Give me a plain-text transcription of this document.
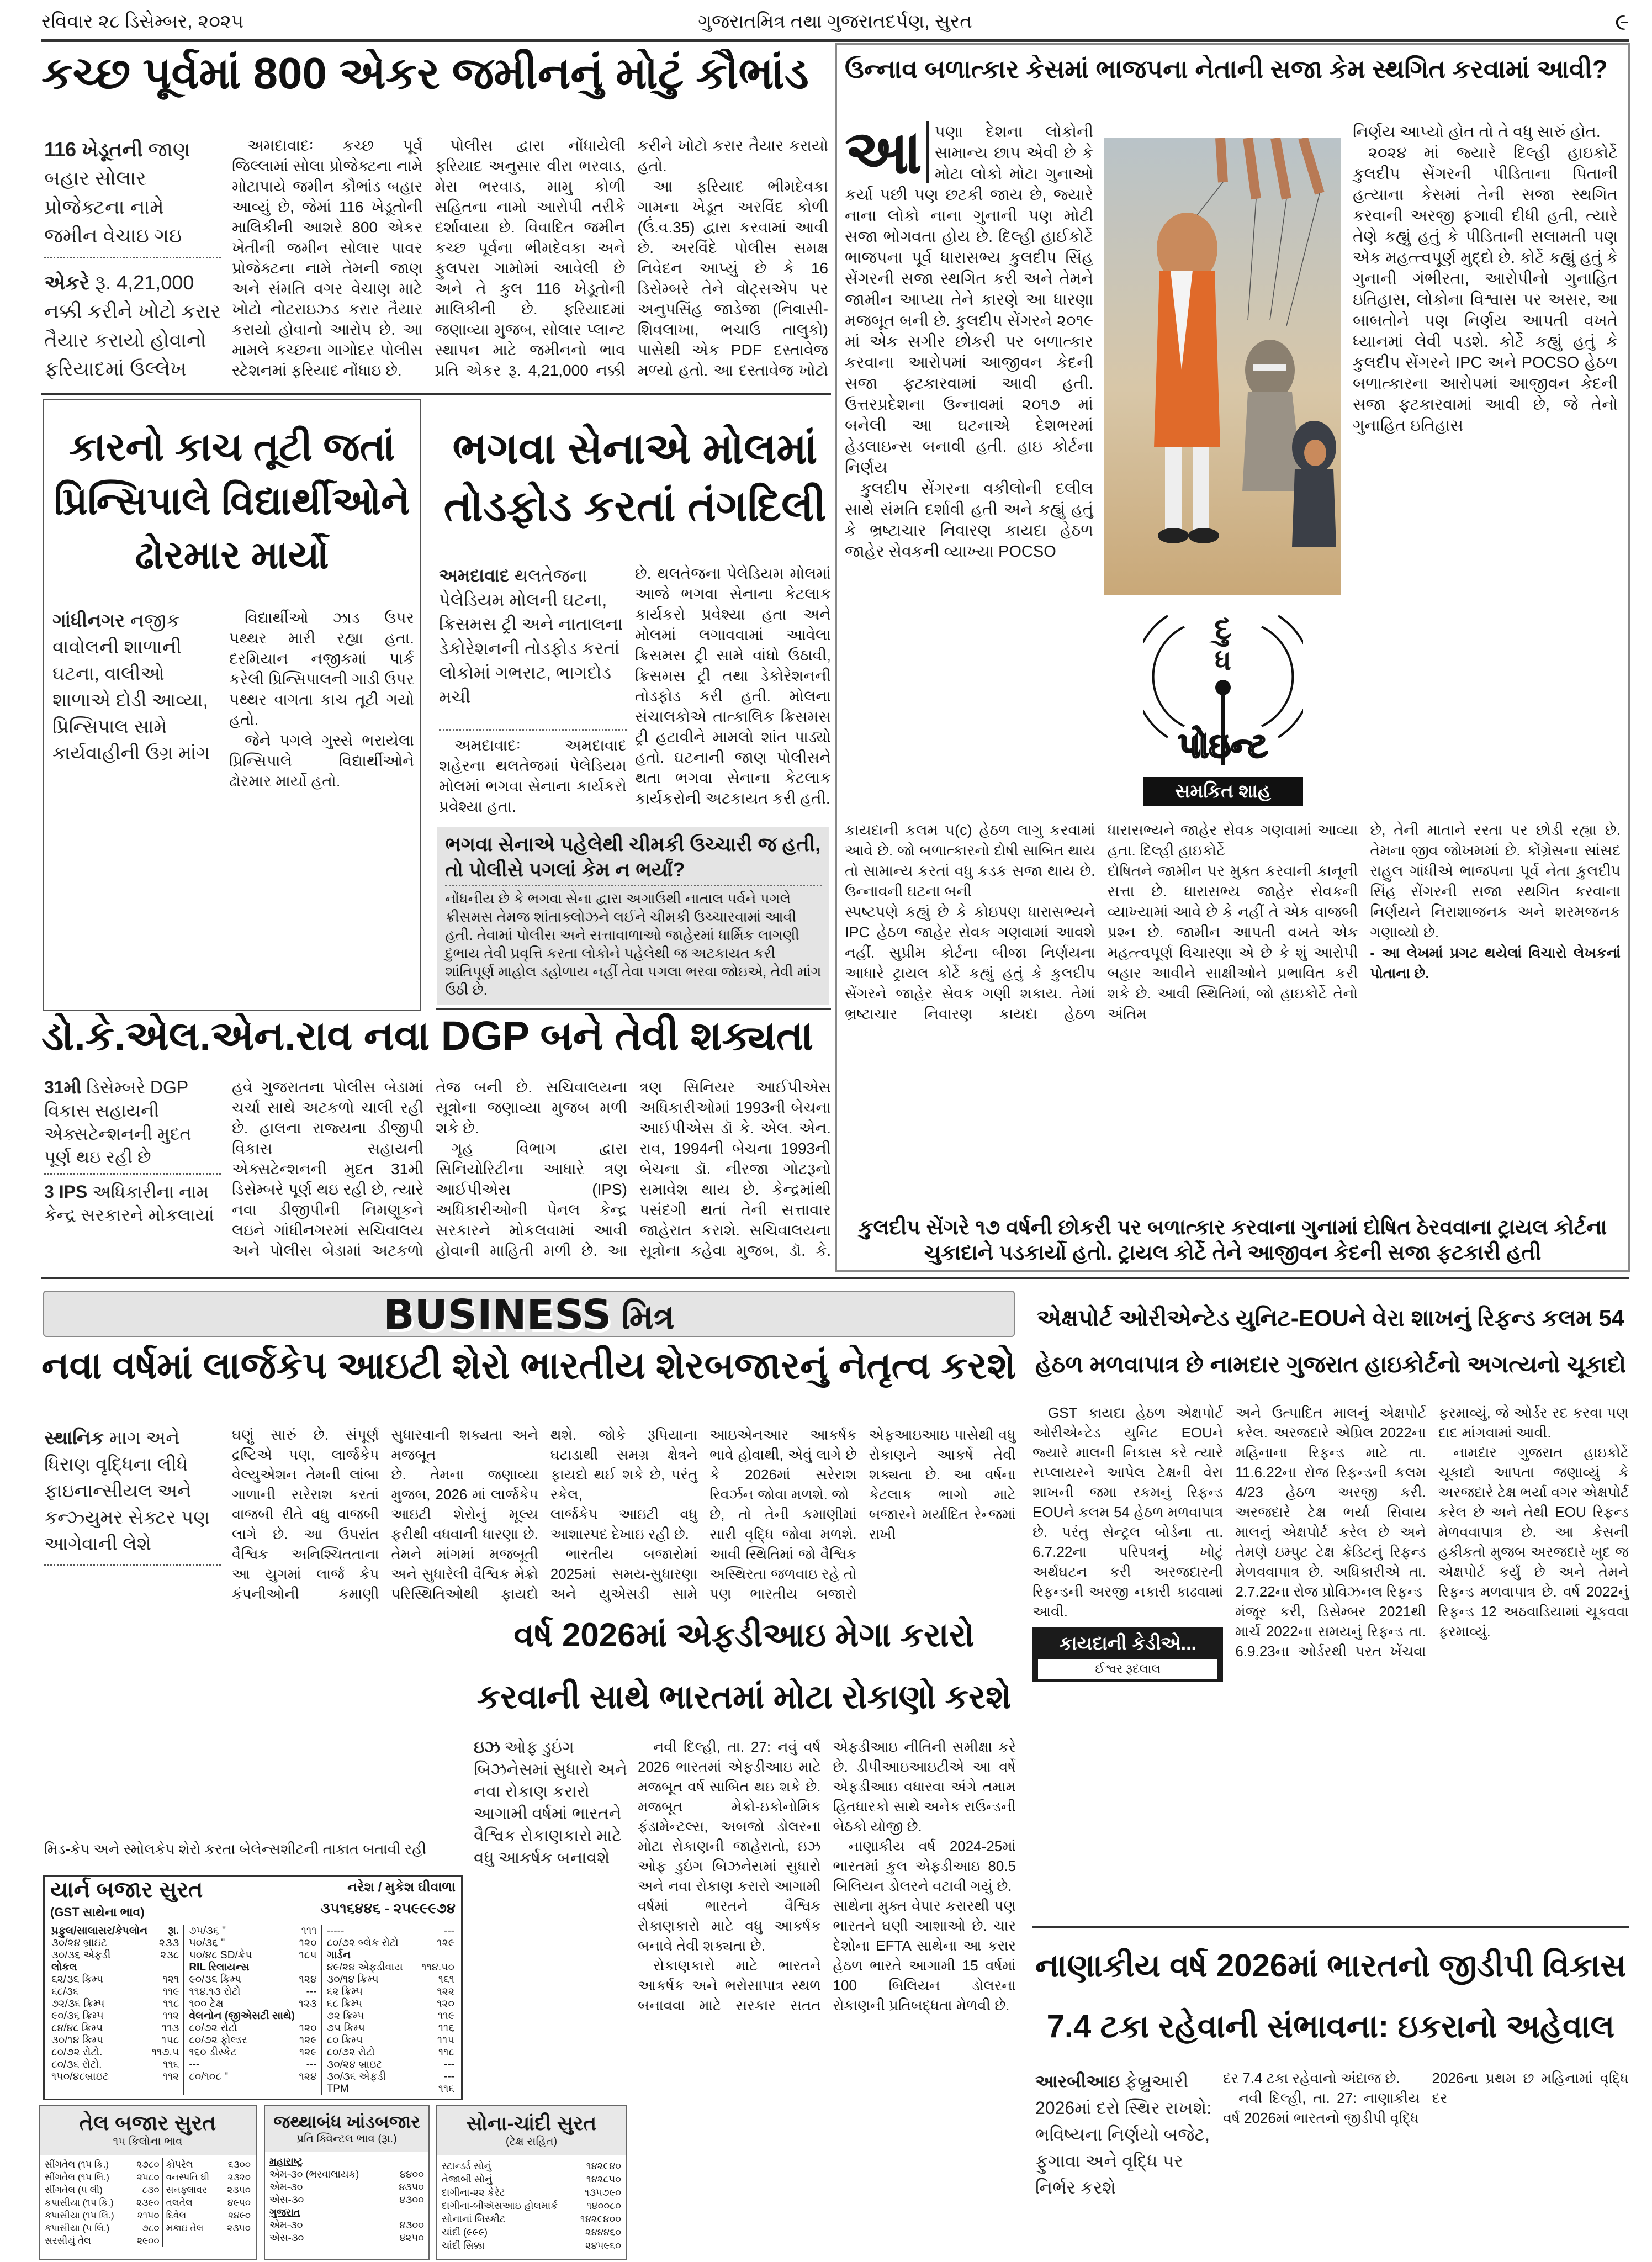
રવિવાર ૨૮ ડિસેમ્બર, ૨૦૨૫	ગુજરાતમિત્ર તથા ગુજરાતદર્પણ, સુરત	૯
કચ્છ પૂર્વમાં 800 એકર જમીનનું મોટું કૌભાંડ
116 ખેડૂતની જાણ બહાર સોલાર પ્રોજેક્ટના નામે જમીન વેચાઇ ગઇ
એકરે રૂ. 4,21,000 નક્કી કરીને ખોટો કરાર તૈયાર કરાયો હોવાનો ફરિયાદમાં ઉલ્લેખ

અમદાવાદઃ કચ્છ પૂર્વ જિલ્લામાં સોલા પ્રોજેક્ટના નામે મોટાપાયે જમીન કૌભાંડ બહાર આવ્યું છે, જેમાં 116 ખેડૂતોની માલિકીની આશરે 800 એકર ખેતીની જમીન સોલાર પાવર પ્રોજેક્ટના નામે તેમની જાણ અને સંમતિ વગર વેચાણ માટે ખોટો નોટરાઇઝ્ડ કરાર તૈયાર કરાયો હોવાનો આરોપ છે. આ મામલે કચ્છના ગાગોદર પોલીસ સ્ટેશનમાં ફરિયાદ નોંધાઇ છે.

પોલીસ દ્વારા નોંધાયેલી ફરિયાદ અનુસાર વીરા ભરવાડ, મેરા ભરવાડ, મામુ કોળી સહિતના નામો આરોપી તરીકે દર્શાવાયા છે. વિવાદિત જમીન કચ્છ પૂર્વના ભીમદેવકા અને ફુલપરા ગામોમાં આવેલી છે અને તે કુલ 116 ખેડૂતોની માલિકીની છે. ફરિયાદમાં જણાવ્યા મુજબ, સોલાર પ્લાન્ટ સ્થાપન માટે જમીનનો ભાવ પ્રતિ એકર રૂ. 4,21,000 નક્કી કરીને ખોટો કરાર તૈયાર કરાયો હતો.

આ ફરિયાદ ભીમદેવકા ગામના ખેડૂત અરવિંદ કોળી (ઉં.વ.35) દ્વારા કરવામાં આવી છે. અરવિંદે પોલીસ સમક્ષ નિવેદન આપ્યું છે કે 16 ડિસેમ્બરે તેને વોટ્સએપ પર અનુપસિંહ જાડેજા (નિવાસી-શિવલાખા, ભચાઉ તાલુકો) પાસેથી એક PDF દસ્તાવેજ મળ્યો હતો. આ દસ્તાવેજ ખોટો

કારનો કાચ તૂટી જતાં પ્રિન્સિપાલે વિદ્યાર્થીઓને ઢોરમાર માર્યો
ગાંધીનગર નજીક વાવોલની શાળાની ઘટના, વાલીઓ શાળાએ દોડી આવ્યા, પ્રિન્સિપાલ સામે કાર્યવાહીની ઉગ્ર માંગ

વિદ્યાર્થીઓ ઝાડ ઉપર પથ્થર મારી રહ્યા હતા. દરમિયાન નજીકમાં પાર્ક કરેલી પ્રિન્સિપાલની ગાડી ઉપર પથ્થર વાગતા કાચ તૂટી ગયો હતો.

જેને પગલે ગુસ્સે ભરાયેલા પ્રિન્સિપાલે વિદ્યાર્થીઓને ઢોરમાર માર્યો હતો.

ભગવા સેનાએ મોલમાં તોડફોડ કરતાં તંગદિલી
અમદાવાદ થલતેજના પેલેડિયમ મોલની ઘટના, ક્રિસમસ ટ્રી અને નાતાલના ડેકોરેશનની તોડફોડ કરતાં લોકોમાં ગભરાટ, ભાગદોડ મચી

અમદાવાદઃ અમદાવાદ શહેરના થલતેજમાં પેલેડિયમ મોલમાં ભગવા સેનાના કાર્યકરો પ્રવેશ્યા હતા.

છે. થલતેજના પેલેડિયમ મોલમાં આજે ભગવા સેનાના કેટલાક કાર્યકરો પ્રવેશ્યા હતા અને મોલમાં લગાવવામાં આવેલા ક્રિસમસ ટ્રી સામે વાંધો ઉઠાવી, ક્રિસમસ ટ્રી તથા ડેકોરેશનની તોડફોડ કરી હતી. મોલના સંચાલકોએ તાત્કાલિક ક્રિસમસ ટ્રી હટાવીને મામલો શાંત પાડ્યો હતો. ઘટનાની જાણ પોલીસને થતા ભગવા સેનાના કેટલાક કાર્યકરોની અટકાયત કરી હતી.

ભગવા સેનાએ પહેલેથી ચીમકી ઉચ્ચારી જ હતી, તો પોલીસે પગલાં કેમ ન ભર્યાં?
નોંધનીય છે કે ભગવા સેના દ્વારા અગાઉથી નાતાલ પર્વને પગલે ક્રીસમસ તેમજ શાંતાક્લોઝને લઈને ચીમકી ઉચ્ચારવામાં આવી હતી. તેવામાં પોલીસ અને સત્તાવાળાઓ જાહેરમાં ધાર્મિક લાગણી દુભાય તેવી પ્રવૃત્તિ કરતા લોકોને પહેલેથી જ અટકાયત કરી શાંતિપૂર્ણ માહોલ ડહોળાય નહીં તેવા પગલા ભરવા જોઇએ, તેવી માંગ ઉઠી છે.
ડો.કે.એલ.એન.રાવ નવા DGP બને તેવી શક્યતા
31મી ડિસેમ્બરે DGP વિકાસ સહાયની એક્સટેન્શનની મુદત પૂર્ણ થઇ રહી છે
3 IPS અધિકારીના નામ કેન્દ્ર સરકારને મોકલાયાં

હવે ગુજરાતના પોલીસ બેડામાં ચર્ચા સાથે અટકળો ચાલી રહી છે. હાલના રાજ્યના ડીજીપી વિકાસ સહાયની એક્સટેન્શનની મુદત 31મી ડિસેમ્બરે પૂર્ણ થઇ રહી છે, ત્યારે નવા ડીજીપીની નિમણૂકને લઇને ગાંધીનગરમાં સચિવાલય અને પોલીસ બેડામાં અટકળો તેજ બની છે. સચિવાલયના સૂત્રોના જણાવ્યા મુજબ મળી શકે છે.

ગૃહ વિભાગ દ્વારા સિનિયોરિટીના આધારે ત્રણ આઈપીએસ (IPS) અધિકારીઓની પેનલ કેન્દ્ર સરકારને મોકલવામાં આવી હોવાની માહિતી મળી છે. આ ત્રણ સિનિયર આઈપીએસ અધિકારીઓમાં 1993ની બેચના આઈપીએસ ડૉ કે. એલ. એન. રાવ, 1994ની બેચના 1993ની બેચના ડૉ. નીરજા ગોટરૂનો સમાવેશ થાય છે. કેન્દ્રમાંથી પસંદગી થતાં તેની સત્તાવાર જાહેરાત કરાશે. સચિવાલયના સૂત્રોના કહેવા મુજબ, ડૉ. કે.

ઉન્નાવ બળાત્કાર કેસમાં ભાજપના નેતાની સજા કેમ સ્થગિત કરવામાં આવી?
આ પણા દેશના લોકોની સામાન્ય છાપ એવી છે કે મોટા લોકો મોટા ગુનાઓ કર્યા પછી પણ છટકી જાય છે, જ્યારે નાના લોકો નાના ગુનાની પણ મોટી સજા ભોગવતા હોય છે. દિલ્હી હાઈકોર્ટે ભાજપના પૂર્વ ધારાસભ્ય કુલદીપ સિંહ સેંગરની સજા સ્થગિત કરી અને તેમને જામીન આપ્યા તેને કારણે આ ધારણા મજબૂત બની છે. કુલદીપ સેંગરને ૨૦૧૯ માં એક સગીર છોકરી પર બળાત્કાર કરવાના આરોપમાં આજીવન કેદની સજા ફટકારવામાં આવી હતી. ઉત્તરપ્રદેશના ઉન્નાવમાં ૨૦૧૭ માં બનેલી આ ઘટનાએ દેશભરમાં હેડલાઇન્સ બનાવી હતી. હાઇ કોર્ટના નિર્ણય

કુલદીપ સેંગરના વકીલોની દલીલ સાથે સંમતિ દર્શાવી હતી અને કહ્યું હતું કે ભ્રષ્ટાચાર નિવારણ કાયદા હેઠળ જાહેર સેવકની વ્યાખ્યા POCSO

દુ
ધ
પોઇન્ટ
સમકિત શાહ

નિર્ણય આપ્યો હોત તો તે વધુ સારું હોત.

૨૦૨૪ માં જ્યારે દિલ્હી હાઇકોર્ટે કુલદીપ સેંગરની પીડિતાના પિતાની હત્યાના કેસમાં તેની સજા સ્થગિત કરવાની અરજી ફગાવી દીધી હતી, ત્યારે તેણે કહ્યું હતું કે પીડિતાની સલામતી પણ એક મહત્ત્વપૂર્ણ મુદ્દો છે. કોર્ટે કહ્યું હતું કે ગુનાની ગંભીરતા, આરોપીનો ગુનાહિત ઇતિહાસ, લોકોના વિશ્વાસ પર અસર, આ બાબતોને પણ નિર્ણય આપતી વખતે ધ્યાનમાં લેવી પડશે. કોર્ટે કહ્યું હતું કે કુલદીપ સેંગરને IPC અને POCSO હેઠળ બળાત્કારના આરોપમાં આજીવન કેદની સજા ફટકારવામાં આવી છે, જે તેનો ગુનાહિત ઇતિહાસ

કાયદાની કલમ ૫(c) હેઠળ લાગુ કરવામાં આવે છે. જો બળાત્કારનો દોષી સાબિત થાય તો સામાન્ય કરતાં વધુ કડક સજા થાય છે. ઉન્નાવની ઘટના બની

સ્પષ્ટપણે કહ્યું છે કે કોઇપણ ધારાસભ્યને IPC હેઠળ જાહેર સેવક ગણવામાં આવશે નહીં. સુપ્રીમ કોર્ટના બીજા નિર્ણયના આધારે ટ્રાયલ કોર્ટે કહ્યું હતું કે કુલદીપ સેંગરને જાહેર સેવક ગણી શકાય. તેમાં ભ્રષ્ટાચાર નિવારણ કાયદા હેઠળ ધારાસભ્યને જાહેર સેવક ગણવામાં આવ્યા હતા. દિલ્હી હાઇકોર્ટે

દોષિતને જામીન પર મુક્ત કરવાની કાનૂની સત્તા છે. ધારાસભ્ય જાહેર સેવકની વ્યાખ્યામાં આવે છે કે નહીં તે એક વાજબી પ્રશ્ન છે. જામીન આપતી વખતે એક મહત્ત્વપૂર્ણ વિચારણા એ છે કે શું આરોપી બહાર આવીને સાક્ષીઓને પ્રભાવિત કરી શકે છે. આવી સ્થિતિમાં, જો હાઇકોર્ટે તેનો અંતિમ

છે, તેની માતાને રસ્તા પર છોડી રહ્યા છે. તેમના જીવ જોખમમાં છે. કોંગ્રેસના સાંસદ રાહુલ ગાંધીએ ભાજપના પૂર્વ નેતા કુલદીપ સિંહ સેંગરની સજા સ્થગિત કરવાના નિર્ણયને નિરાશાજનક અને શરમજનક ગણાવ્યો છે.

- આ લેખમાં પ્રગટ થયેલાં વિચારો લેખકનાં પોતાના છે.

કુલદીપ સેંગરે ૧૭ વર્ષની છોકરી પર બળાત્કાર કરવાના ગુનામાં દોષિત ઠેરવવાના ટ્રાયલ કોર્ટના ચુકાદાને પડકાર્યો હતો. ટ્રાયલ કોર્ટે તેને આજીવન કેદની સજા ફટકારી હતી
BUSINESS મિત્ર
નવા વર્ષમાં લાર્જકેપ આઇટી શેરો ભારતીય શેરબજારનું નેતૃત્વ કરશે
સ્થાનિક માગ અને ધિરાણ વૃદ્ધિના લીધે ફાઇનાન્સીયલ અને કન્ઝ્યુમર સેક્ટર પણ આગેવાની લેશે

ઘણું સારું છે. સંપૂર્ણ દ્રષ્ટિએ પણ, લાર્જકેપ વેલ્યુએશન તેમની લાંબા ગાળાની સરેરાશ કરતાં વાજબી રીતે વધુ વાજબી લાગે છે. આ ઉપરાંત વૈશ્વિક અનિશ્ચિતતાના આ યુગમાં લાર્જ કેપ કંપનીઓની કમાણી સુધારવાની શક્યતા અને મજબૂત

છે. તેમના જણાવ્યા મુજબ, 2026 માં લાર્જકેપ આઇટી શેરોનું મૂલ્ય ફરીથી વધવાની ધારણા છે. તેમને માંગમાં મજબૂતી અને સુધારેલી વૈશ્વિક મેક્રો પરિસ્થિતિઓથી ફાયદો થશે. જોકે રૂપિયાના ઘટાડાથી સમગ્ર ક્ષેત્રને ફાયદો થઈ શકે છે, પરંતુ સ્કેલ,

લાર્જકેપ આઇટી વધુ આશાસ્પદ દેખાઇ રહી છે.

ભારતીય બજારોમાં 2025માં સમય-સુધારણા અને યુએસડી સામે આઇએનઆર આકર્ષક ભાવે હોવાથી, એવું લાગે છે કે 2026માં સરેરાશ રિવર્ઝન જોવા મળશે. જો

છે, તો તેની કમાણીમાં સારી વૃદ્ધિ જોવા મળશે. આવી સ્થિતિમાં જો વૈશ્વિક અસ્થિરતા જળવાઇ રહે તો પણ ભારતીય બજારો એફઆઇઆઇ પાસેથી વધુ રોકાણને આકર્ષે તેવી શક્યતા છે. આ વર્ષના કેટલાક ભાગો માટે બજારને મર્યાદિત રેન્જમાં રાખી

મિડ-કેપ અને સ્મોલકેપ શેરો કરતા બેલેન્સશીટની તાકાત બતાવી રહી

યાર્ન બજાર સુરત
(GST સાથેના ભાવ)
નરેશ / મુકેશ ઘીવાળા
૩૫૧૬૪૪૬ - ૨૫૯૯૯૭૪
પ્રફુલ/સાલાસર/કેપલોન રૂા.
૩૦/૨૪ બ્રાઇટ	૨૩૩
૩૦/૩૬ એફડી	૨૩૮
લોકલ
૬૨/૩૬ ક્રિમ્પ	૧૨૧
૬૮/૩૬	૧૧૯
૭૨/૩૬ ક્રિમ્પ	૧૧૮
૯૦/૩૬ ક્રિમ્પ	૧૧૨
૮૪/૪૮ ક્રિમ્પ	૧૧૩
૩૦/૧૪ ક્રિમ્પ	૧૫૮
૮૦/૭૨ રોટો.	૧૧૭.૫
૮૦/૩૬ રોટો.	૧૧૬
૧૫૦/૪૮બ્રાઇટ	૧૧૨
૭૫/૩૬ ''	૧૧૧
૫૦/૩૬ ''	૧૨૦
૫૦/૪૮ SD/ક્રેપ	૧૮૫
RIL રિલાયન્સ
૯૦/૩૬ ક્રિમ્પ	૧૨૪
૧૧૪.૧૩ રોટો	---
૧૦૦ ટેક્ષ	૧૨૩
વેલનોન (જીએસટી સાથે)
૮૦/૭૨ રોટો	૧૨૦
૮૦/૭૨ ફોલ્ડર	૧૨૯
૧૬૦ ડીસ્કેટ	૧૨૯
---	---
૮૦/૧૦૮ ''	૧૨૪
-----	---
૮૦/૭૨ બ્લેક રોટો	૧૨૯
ગાર્ડન
૪૯/૨૪ એફડીવાય ૧૧૪.૫૦
૩૦/૧૪ ક્રિમ્પ	૧૬૧
૬૨ ક્રિમ્પ	૧૨૨
૬૮ ક્રિમ્પ	૧૨૦
૭૨ ક્રિમ્પ	૧૧૯
૭૫ ક્રિમ્પ	૧૧૬
૮૦ ક્રિમ્પ	૧૧૫
૮૦/૭૨ રોટો	૧૧૮
૩૦/૨૪ બ્રાઇટ	---
૩૦/૩૬ એફડી	---
TPM	૧૧૬
તેલ બજાર સુરત
૧૫ કિલોના ભાવ
સીંગતેલ (૧૫ કિ.)	૨૭૮૦
સીંગતેલ (૧૫ લિ.)	૨૫૮૦
સીંગતેલ (૫ લી)	૮૩૦
કપાસીયા (૧૫ કિ.) ૨૩૯૦
કપાસીયા (૧૫ લિ.) ૨૧૫૦
કપાસીયા (૫ લિ.)	૭૮૦
સરસીયું તેલ	૨૯૦૦
કોપરેલ	૬૩૦૦
વનસ્પતિ ઘી ૨૩૨૦
સનફ્લાવર ૨૩૫૦
તલતેલ	૪૯૫૦
દિવેલ	૨૪૯૦
મકાઇ તેલ	૨૩૫૦
જથ્થાબંધ ખાંડબજાર
પ્રતિ ક્વિન્ટલ ભાવ (રૂા.)
મહારાષ્ટ્ર
એમ-૩૦ (ભરવાલાયક)	૪૪૦૦
એમ-૩૦	૪૩૫૦
એસ-૩૦	૪૩૦૦
ગુજરાત
એમ-૩૦	૪૩૦૦
એસ-૩૦	૪૨૫૦
સોના-ચાંદી સુરત
(ટેક્ષ સહિત)
સ્ટાન્ડર્ડ સોનું	૧૪૨૯૪૦
તેજાબી સોનું	૧૪૨૮૫૦
દાગીના-૨૨ કેરેટ	૧૩૫૭૯૦
દાગીના-બીઍસઆઇ હોલમાર્ક	૧૪૦૦૮૦
સોનાનાં બિસ્કીટ	૧૪૨૯૪૦૦
ચાંદી (૯૯૯)	૨૪૪૪૬૦
ચાંદી સિક્કા	૨૪૫૯૬૦
વર્ષ 2026માં એફડીઆઇ મેગા કરારો કરવાની સાથે ભારતમાં મોટા રોકાણો કરશે
ઇઝ ઓફ ડુઇંગ બિઝનેસમાં સુધારો અને નવા રોકાણ કરારો આગામી વર્ષમાં ભારતને વૈશ્વિક રોકાણકારો માટે વધુ આકર્ષક બનાવશે

નવી દિલ્હી, તા. 27: નવું વર્ષ 2026 ભારતમાં એફડીઆઇ માટે મજબૂત વર્ષ સાબિત થઇ શકે છે. મજબૂત મેક્રો-ઇકોનોમિક ફંડામેન્ટલ્સ, અબજો ડોલરના મોટા રોકાણની જાહેરાતો, ઇઝ ઓફ ડુઇંગ બિઝનેસમાં સુધારો અને નવા રોકાણ કરારો આગામી વર્ષમાં ભારતને વૈશ્વિક રોકાણકારો માટે વધુ આકર્ષક બનાવે તેવી શક્યતા છે.

રોકાણકારો માટે ભારતને આકર્ષક અને ભરોસાપાત્ર સ્થળ બનાવવા માટે સરકાર સતત એફડીઆઇ નીતિની સમીક્ષા કરે છે. ડીપીઆઇઆઇટીએ આ વર્ષે એફડીઆઇ વધારવા અંગે તમામ હિતધારકો સાથે અનેક રાઉન્ડની બેઠકો યોજી છે.

નાણાકીય વર્ષ 2024-25માં ભારતમાં કુલ એફડીઆઇ 80.5 બિલિયન ડોલરને વટાવી ગયું છે.

સાથેના મુક્ત વેપાર કરારથી પણ ભારતને ઘણી આશાઓ છે. ચાર દેશોના EFTA સાથેના આ કરાર હેઠળ ભારતે આગામી 15 વર્ષમાં 100 બિલિયન ડોલરના રોકાણની પ્રતિબદ્ધતા મેળવી છે.

એક્ષપોર્ટ ઓરીએન્ટેડ યુનિટ-EOUને વેરા શાખનું રિફન્ડ કલમ 54 હેઠળ મળવાપાત્ર છે નામદાર ગુજરાત હાઇકોર્ટનો અગત્યનો ચૂકાદો

GST કાયદા હેઠળ એક્ષપોર્ટ ઓરીએન્ટેડ યુનિટ EOUને જ્યારે માલની નિકાસ કરે ત્યારે સપ્લાયરને આપેલ ટેક્ષની વેરા શાખની જમા રકમનું રિફન્ડ EOUને કલમ 54 હેઠળ મળવાપાત્ર છે. પરંતુ સેન્ટ્રલ બોર્ડના તા. 6.7.22ના પરિપત્રનું ખોટું અર્થઘટન કરી અરજદારની રિફન્ડની અરજી નકારી કાઢવામાં આવી.

કાયદાની કેડીએ...
ઈશ્વર રૂદલાલ

અને ઉત્પાદિત માલનું એક્ષપોર્ટ કરેલ. અરજદારે એપ્રિલ 2022ના મહિનાના રિફન્ડ માટે તા. 11.6.22ના રોજ રિફન્ડની કલમ 4/23 હેઠળ અરજી કરી. અરજદારે ટેક્ષ ભર્યા સિવાય માલનું એક્ષપોર્ટ કરેલ છે અને તેમણે ઇમ્પુટ ટેક્ષ ક્રેડિટનું રિફન્ડ મેળવવાપાત્ર છે. અધિકારીએ તા. 2.7.22ના રોજ પ્રોવિઝનલ રિફન્ડ

મંજૂર કરી, ડિસેમ્બર 2021થી માર્ચ 2022ના સમયનું રિફન્ડ તા. 6.9.23ના ઓર્ડરથી પરત ખેંચવા ફરમાવ્યું, જે ઓર્ડર રદ કરવા પણ દાદ માંગવામાં આવી.

નામદાર ગુજરાત હાઇકોર્ટે ચૂકાદો આપતા જણાવ્યું કે અરજદારે ટેક્ષ ભર્યા વગર એક્ષપોર્ટ કરેલ છે અને તેથી EOU રિફન્ડ મેળવવાપાત્ર છે. આ કેસની હકીકતો મુજબ અરજદારે ખુદ જ એક્ષપોર્ટ કર્યું છે અને તેમને રિફન્ડ મળવાપાત્ર છે. વર્ષ 2022નું રિફન્ડ 12 અઠવાડિયામાં ચૂકવવા ફરમાવ્યું.

નાણાકીય વર્ષ 2026માં ભારતનો જીડીપી વિકાસ 7.4 ટકા રહેવાની સંભાવના: ઇકરાનો અહેવાલ
આરબીઆઇ ફેબ્રુઆરી 2026માં દરો સ્થિર રાખશે: ભવિષ્યના નિર્ણયો બજેટ, ફુગાવા અને વૃદ્ધિ પર નિર્ભર કરશે

દર 7.4 ટકા રહેવાનો અંદાજ છે.

નવી દિલ્હી, તા. 27: નાણાકીય વર્ષ 2026માં ભારતનો જીડીપી વૃદ્ધિ

2026ના પ્રથમ છ મહિનામાં વૃદ્ધિ દર
